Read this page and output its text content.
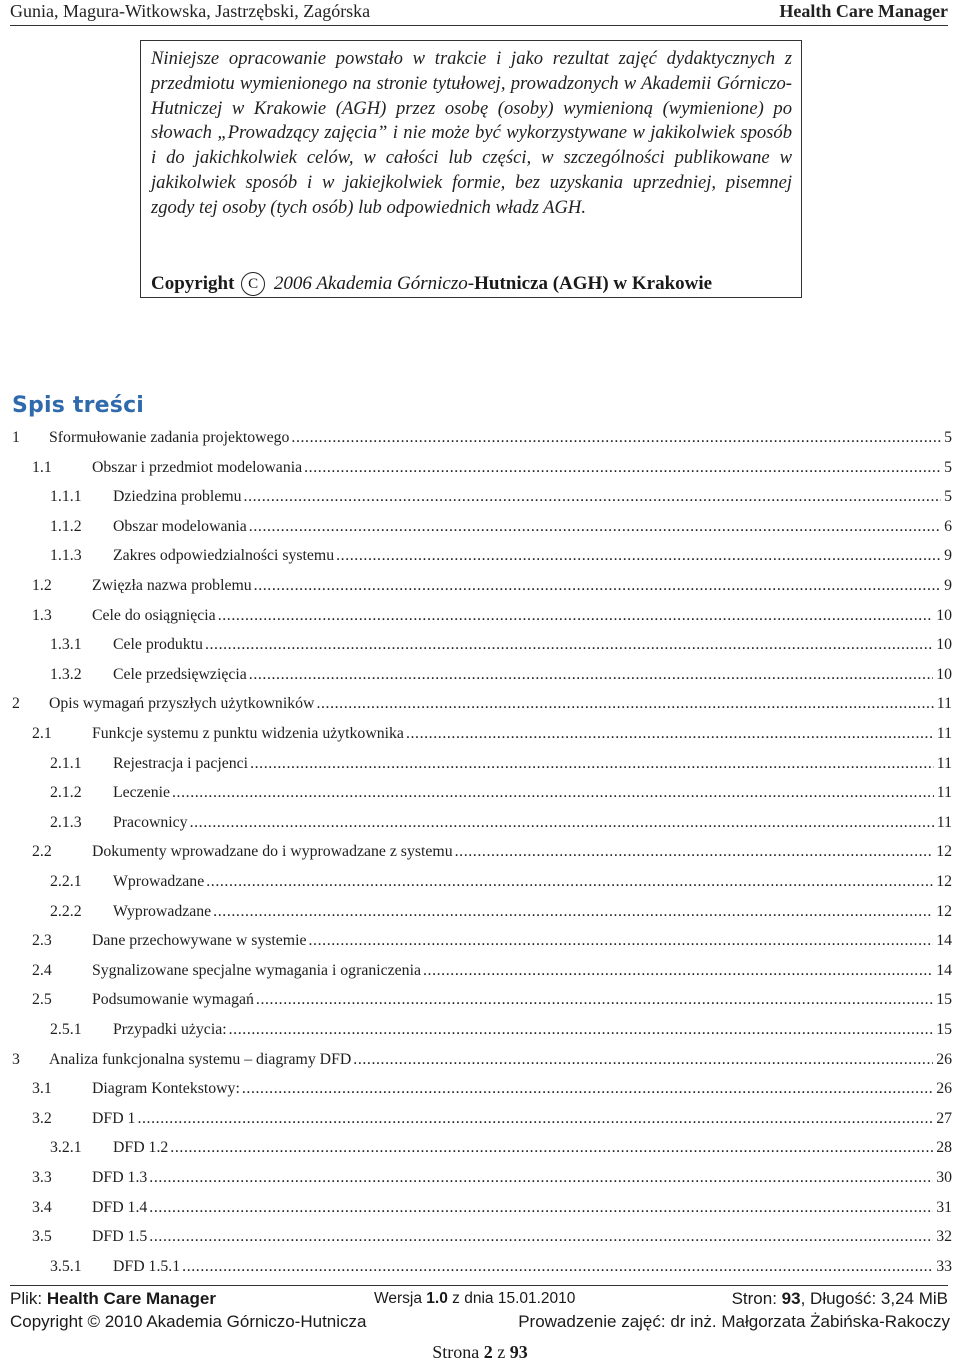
Gunia, Magura-Witkowska, Jastrzębski, Zagórska	Health Care Manager
Niniejsze opracowanie powstało w trakcie i jako rezultat zajęć dydaktycznych z przedmiotu wymienionego na stronie tytułowej, prowadzonych w Akademii Górniczo-Hutniczej w Krakowie (AGH) przez osobę (osoby) wymienioną (wymienione) po słowach „Prowadzący zajęcia” i nie może być wykorzystywane w jakikolwiek sposób i do jakichkolwiek celów, w całości lub części, w szczególności publikowane w jakikolwiek sposób i w jakiejkolwiek formie, bez uzyskania uprzedniej, pisemnej zgody tej osoby (tych osób) lub odpowiednich władz AGH.
Copyright C 2006 Akademia Górniczo-Hutnicza (AGH) w Krakowie
Spis treści
1 Sformułowanie zadania projektowego .....	5
1.1	Obszar i przedmiot modelowania .....	5
1.1.1 Dziedzina problemu .....	5
1.1.2 Obszar modelowania .....	6
1.1.3 Zakres odpowiedzialności systemu .....	9
1.2	Zwięzła nazwa problemu .....	9
1.3	Cele do osiągnięcia .....	10
1.3.1 Cele produktu .....	10
1.3.2 Cele przedsięwzięcia .....	10
2 Opis wymagań przyszłych użytkowników .....	11
2.1	Funkcje systemu z punktu widzenia użytkownika .....	11
2.1.1 Rejestracja i pacjenci .....	11
2.1.2 Leczenie .....	11
2.1.3 Pracownicy .....	11
2.2	Dokumenty wprowadzane do i wyprowadzane z systemu .....	12
2.2.1 Wprowadzane .....	12
2.2.2 Wyprowadzane .....	12
2.3	Dane przechowywane w systemie .....	14
2.4	Sygnalizowane specjalne wymagania i ograniczenia .....	14
2.5	Podsumowanie wymagań .....	15
2.5.1 Przypadki użycia: .....	15
3 Analiza funkcjonalna systemu – diagramy DFD .....	26
3.1	Diagram Kontekstowy: .....	26
3.2	DFD 1 .....	27
3.2.1 DFD 1.2 .....	28
3.3	DFD 1.3 .....	30
3.4	DFD 1.4 .....	31
3.5	DFD 1.5 .....	32
3.5.1 DFD 1.5.1 .....	33
Plik: Health Care Manager	Wersja 1.0 z dnia 15.01.2010	Stron: 93, Długość: 3,24 MiB
Copyright © 2010 Akademia Górniczo-Hutnicza	Prowadzenie zajęć: dr inż. Małgorzata Żabińska-Rakoczy
Strona 2 z 93
